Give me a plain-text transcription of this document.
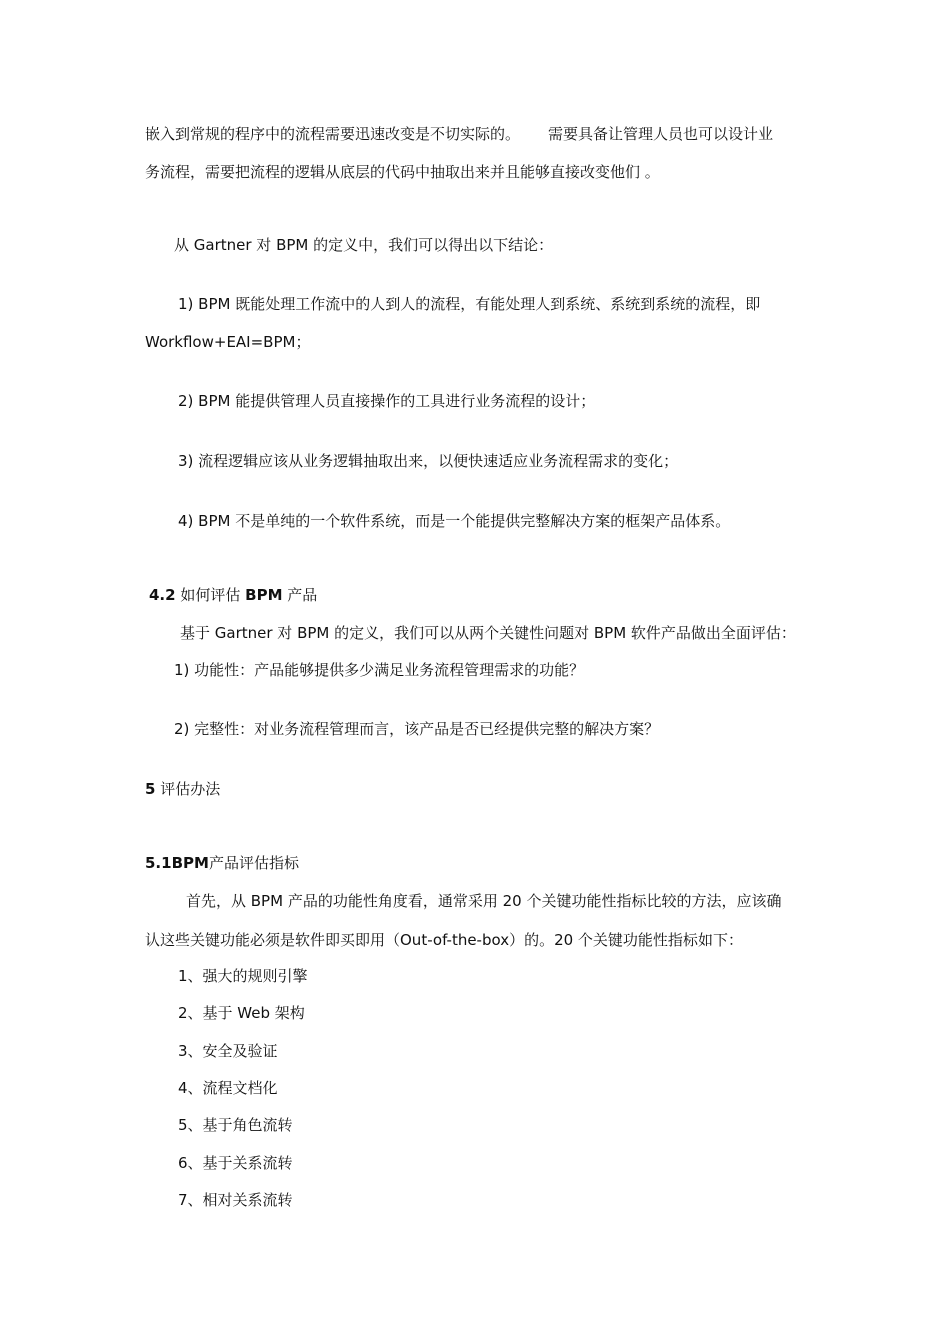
嵌入到常规的程序中的流程需要迅速改变是不切实际的。 需要具备让管理人员也可以设计业
务流程，需要把流程的逻辑从底层的代码中抽取出来并且能够直接改变他们 。
从 Gartner 对 BPM 的定义中，我们可以得出以下结论：
1) BPM 既能处理工作流中的人到人的流程，有能处理人到系统、系统到系统的流程，即
Workflow+EAI=BPM；
2) BPM 能提供管理人员直接操作的工具进行业务流程的设计；
3) 流程逻辑应该从业务逻辑抽取出来，以便快速适应业务流程需求的变化；
4) BPM 不是单纯的一个软件系统，而是一个能提供完整解决方案的框架产品体系。
4.2 如何评估 BPM 产品
基于 Gartner 对 BPM 的定义，我们可以从两个关键性问题对 BPM 软件产品做出全面评估：
1) 功能性：产品能够提供多少满足业务流程管理需求的功能？
2) 完整性：对业务流程管理而言，该产品是否已经提供完整的解决方案？
5 评估办法
5.1BPM产品评估指标
首先，从 BPM 产品的功能性角度看，通常采用 20 个关键功能性指标比较的方法，应该确
认这些关键功能必须是软件即买即用（Out-of-the-box）的。20 个关键功能性指标如下：
1、强大的规则引擎
2、基于 Web 架构
3、安全及验证
4、流程文档化
5、基于角色流转
6、基于关系流转
7、相对关系流转
